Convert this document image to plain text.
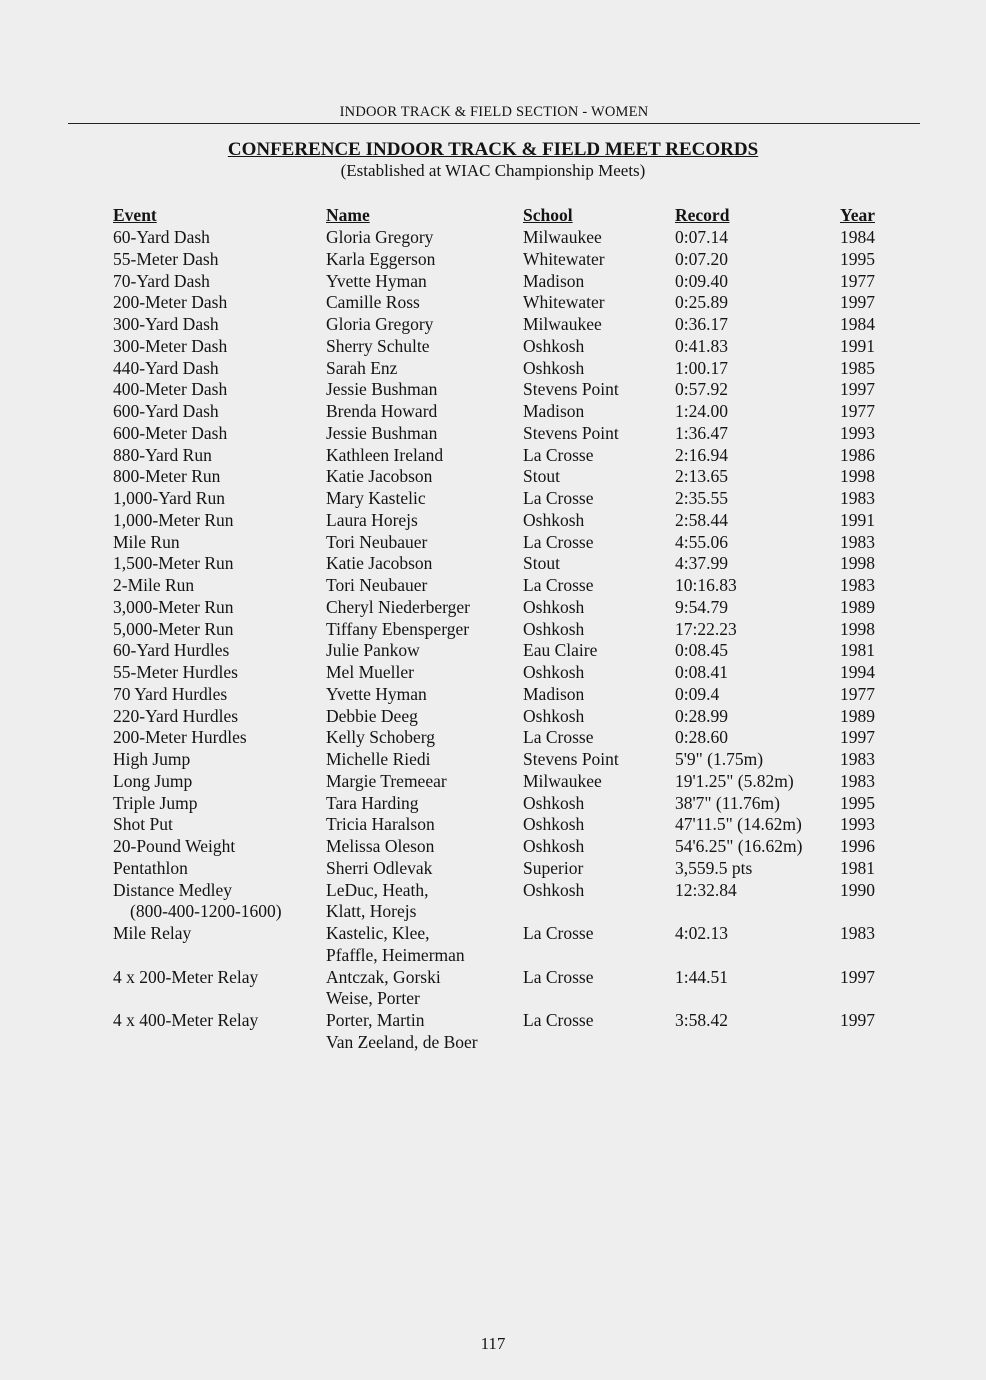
INDOOR TRACK & FIELD SECTION - WOMEN
CONFERENCE INDOOR TRACK & FIELD MEET RECORDS
(Established at WIAC Championship Meets)
Event	Name	School	Record	Year
60-Yard Dash	Gloria Gregory	Milwaukee	0:07.14	1984
55-Meter Dash	Karla Eggerson	Whitewater	0:07.20	1995
70-Yard Dash	Yvette Hyman	Madison	0:09.40	1977
200-Meter Dash	Camille Ross	Whitewater	0:25.89	1997
300-Yard Dash	Gloria Gregory	Milwaukee	0:36.17	1984
300-Meter Dash	Sherry Schulte	Oshkosh	0:41.83	1991
440-Yard Dash	Sarah Enz	Oshkosh	1:00.17	1985
400-Meter Dash	Jessie Bushman	Stevens Point	0:57.92	1997
600-Yard Dash	Brenda Howard	Madison	1:24.00	1977
600-Meter Dash	Jessie Bushman	Stevens Point	1:36.47	1993
880-Yard Run	Kathleen Ireland	La Crosse	2:16.94	1986
800-Meter Run	Katie Jacobson	Stout	2:13.65	1998
1,000-Yard Run	Mary Kastelic	La Crosse	2:35.55	1983
1,000-Meter Run	Laura Horejs	Oshkosh	2:58.44	1991
Mile Run	Tori Neubauer	La Crosse	4:55.06	1983
1,500-Meter Run	Katie Jacobson	Stout	4:37.99	1998
2-Mile Run	Tori Neubauer	La Crosse	10:16.83	1983
3,000-Meter Run	Cheryl Niederberger	Oshkosh	9:54.79	1989
5,000-Meter Run	Tiffany Ebensperger	Oshkosh	17:22.23	1998
60-Yard Hurdles	Julie Pankow	Eau Claire	0:08.45	1981
55-Meter Hurdles	Mel Mueller	Oshkosh	0:08.41	1994
70 Yard Hurdles	Yvette Hyman	Madison	0:09.4	1977
220-Yard Hurdles	Debbie Deeg	Oshkosh	0:28.99	1989
200-Meter Hurdles	Kelly Schoberg	La Crosse	0:28.60	1997
High Jump	Michelle Riedi	Stevens Point	5'9" (1.75m)	1983
Long Jump	Margie Tremeear	Milwaukee	19'1.25" (5.82m)	1983
Triple Jump	Tara Harding	Oshkosh	38'7" (11.76m)	1995
Shot Put	Tricia Haralson	Oshkosh	47'11.5" (14.62m) 1993
20-Pound Weight	Melissa Oleson	Oshkosh	54'6.25" (16.62m) 1996
Pentathlon	Sherri Odlevak	Superior	3,559.5 pts	1981
Distance Medley	LeDuc, Heath,	Oshkosh	12:32.84	1990
(800-400-1200-1600)	Klatt, Horejs
Mile Relay	Kastelic, Klee,	La Crosse	4:02.13	1983
Pfaffle, Heimerman
4 x 200-Meter Relay	Antczak, Gorski	La Crosse	1:44.51	1997
Weise, Porter
4 x 400-Meter Relay	Porter, Martin	La Crosse	3:58.42	1997
Van Zeeland, de Boer
117
